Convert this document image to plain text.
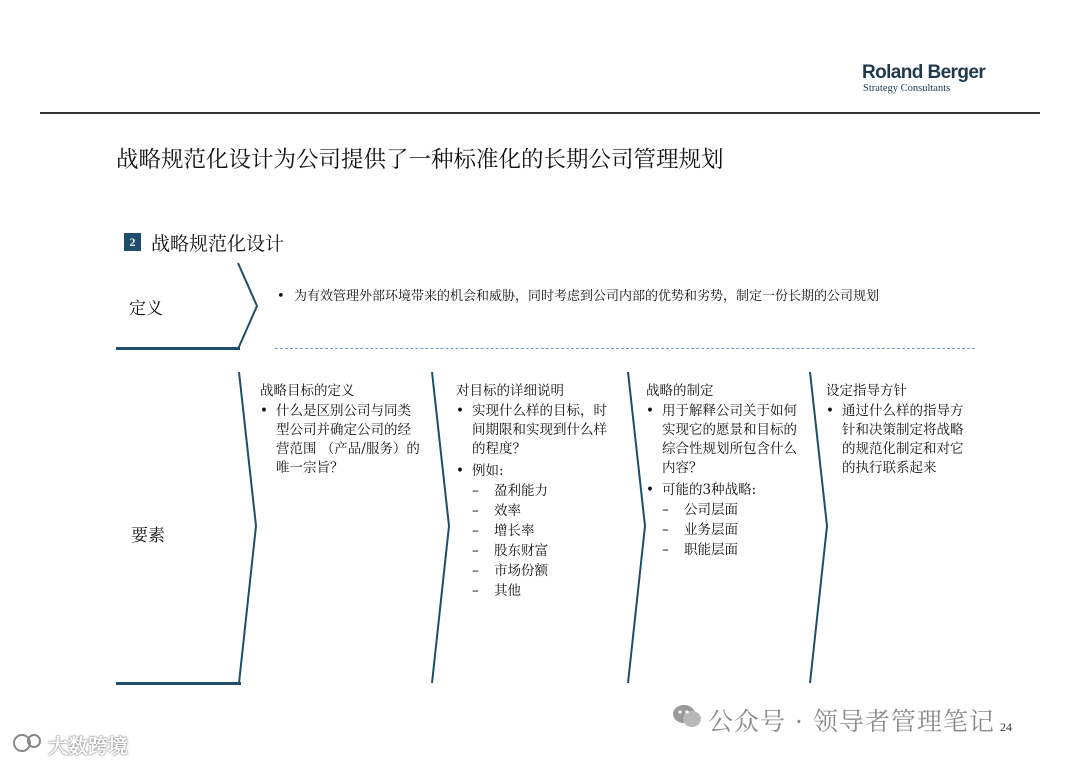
Roland Berger
Strategy Consultants
战略规范化设计为公司提供了一种标准化的长期公司管理规划
2 战略规范化设计
定义
• 为有效管理外部环境带来的机会和威胁，同时考虑到公司内部的优势和劣势，制定一份长期的公司规划
要素
战略目标的定义
• 什么是区别公司与同类型公司并确定公司的经营范围 （产品/服务）的唯一宗旨？
对目标的详细说明
• 实现什么样的目标，时间期限和实现到什么样的程度？
• 例如:
– 盈利能力
– 效率
– 增长率
– 股东财富
– 市场份额
– 其他
战略的制定
• 用于解释公司关于如何实现它的愿景和目标的综合性规划所包含什么内容？
• 可能的3种战略:
– 公司层面
– 业务层面
– 职能层面
设定指导方针
• 通过什么样的指导方针和决策制定将战略的规范化制定和对它的执行联系起来
公众号 · 领导者管理笔记 24
大数跨境
